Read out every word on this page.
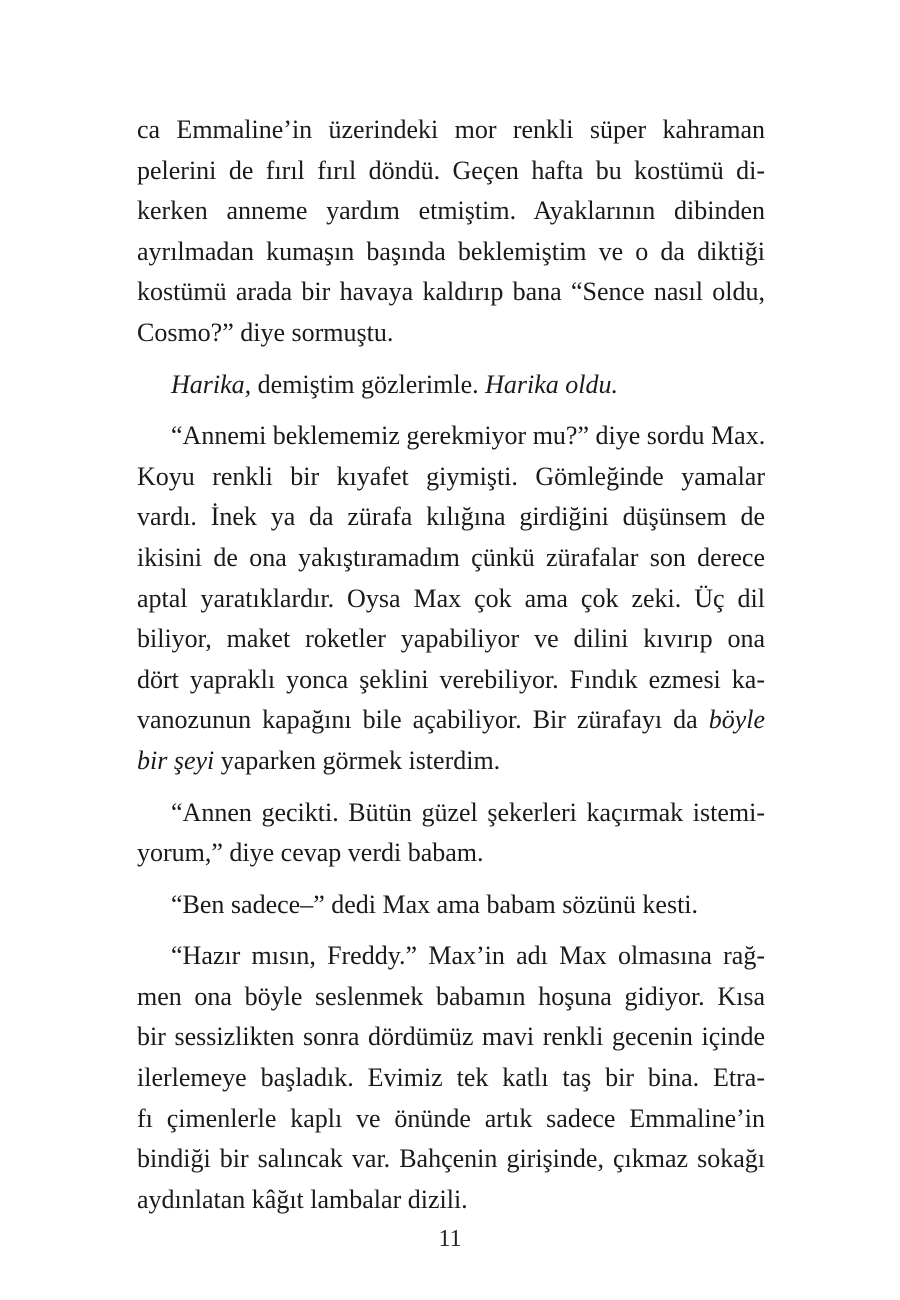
ca Emmaline’in üzerindeki mor renkli süper kahraman
pelerini de fırıl fırıl döndü. Geçen hafta bu kostümü di-
kerken anneme yardım etmiştim. Ayaklarının dibinden
ayrılmadan kumaşın başında beklemiştim ve o da diktiği
kostümü arada bir havaya kaldırıp bana “Sence nasıl oldu,
Cosmo?” diye sormuştu.
Harika, demiştim gözlerimle. Harika oldu.
“Annemi beklememiz gerekmiyor mu?” diye sordu Max.
Koyu renkli bir kıyafet giymişti. Gömleğinde yamalar
vardı. İnek ya da zürafa kılığına girdiğini düşünsem de
ikisini de ona yakıştıramadım çünkü zürafalar son derece
aptal yaratıklardır. Oysa Max çok ama çok zeki. Üç dil
biliyor, maket roketler yapabiliyor ve dilini kıvırıp ona
dört yapraklı yonca şeklini verebiliyor. Fındık ezmesi ka-
vanozunun kapağını bile açabiliyor. Bir zürafayı da böyle
bir şeyi yaparken görmek isterdim.
“Annen gecikti. Bütün güzel şekerleri kaçırmak istemi-
yorum,” diye cevap verdi babam.
“Ben sadece–” dedi Max ama babam sözünü kesti.
“Hazır mısın, Freddy.” Max’in adı Max olmasına rağ-
men ona böyle seslenmek babamın hoşuna gidiyor. Kısa
bir sessizlikten sonra dördümüz mavi renkli gecenin içinde
ilerlemeye başladık. Evimiz tek katlı taş bir bina. Etra-
fı çimenlerle kaplı ve önünde artık sadece Emmaline’in
bindiği bir salıncak var. Bahçenin girişinde, çıkmaz sokağı
aydınlatan kâğıt lambalar dizili.
11
